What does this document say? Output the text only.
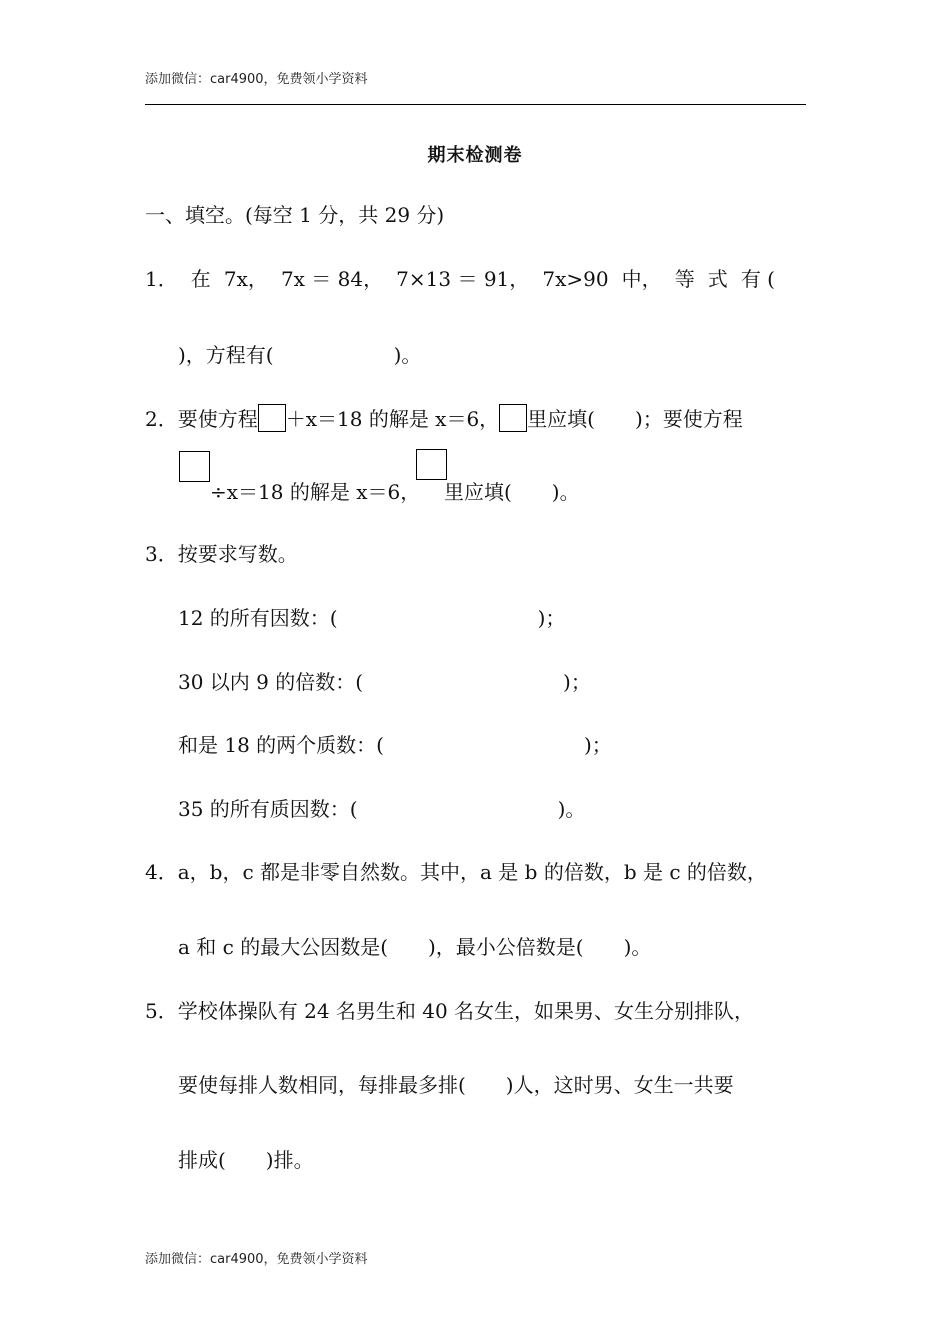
添加微信：car4900，免费领小学资料
期末检测卷
一、填空。(每空 1 分，共 29 分)
1． 在 7x， 7x ＝ 84， 7×13 ＝ 91， 7x>90 中， 等 式 有 (
)，方程有(　　　　　　)。
2．要使方程 ＋x＝18 的解是 x＝6， 里应填(　　)；要使方程
÷x＝18 的解是 x＝6， 里应填(　　)。
3．按要求写数。
12 的所有因数：(　　　　　　　　　　)；
30 以内 9 的倍数：(　　　　　　　　　　)；
和是 18 的两个质数：(　　　　　　　　　　)；
35 的所有质因数：(　　　　　　　　　　)。
4．a，b，c 都是非零自然数。其中，a 是 b 的倍数，b 是 c 的倍数，
a 和 c 的最大公因数是(　　)，最小公倍数是(　　)。
5．学校体操队有 24 名男生和 40 名女生，如果男、女生分别排队，
要使每排人数相同，每排最多排(　　)人，这时男、女生一共要
排成(　　)排。
添加微信：car4900，免费领小学资料
